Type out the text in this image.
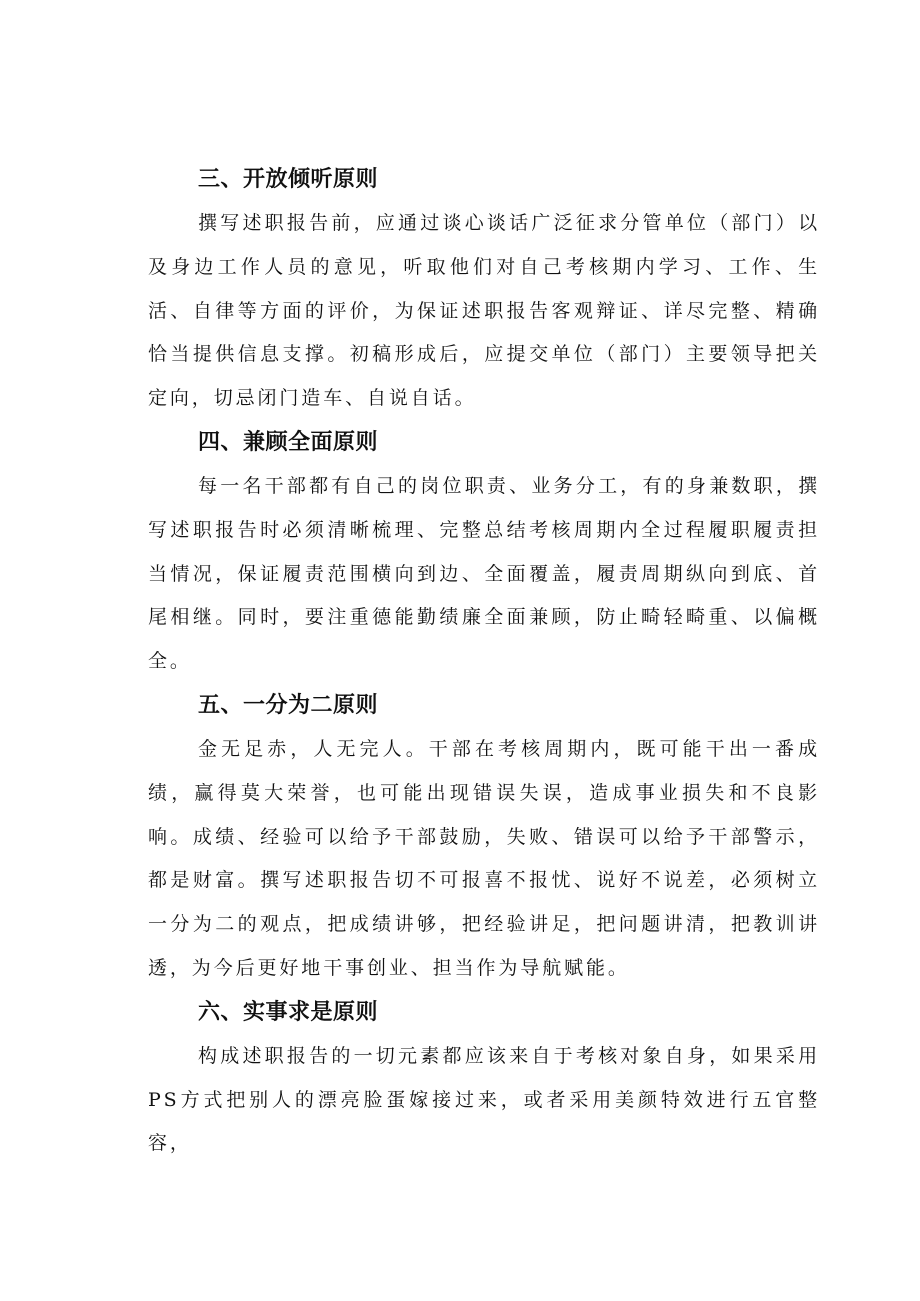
三、开放倾听原则

撰写述职报告前，应通过谈心谈话广泛征求分管单位（部门）以及身边工作人员的意见，听取他们对自己考核期内学习、工作、生活、自律等方面的评价，为保证述职报告客观辩证、详尽完整、精确恰当提供信息支撑。初稿形成后，应提交单位（部门）主要领导把关定向，切忌闭门造车、自说自话。

四、兼顾全面原则

每一名干部都有自己的岗位职责、业务分工，有的身兼数职，撰写述职报告时必须清晰梳理、完整总结考核周期内全过程履职履责担当情况，保证履责范围横向到边、全面覆盖，履责周期纵向到底、首尾相继。同时，要注重德能勤绩廉全面兼顾，防止畸轻畸重、以偏概全。

五、一分为二原则

金无足赤，人无完人。干部在考核周期内，既可能干出一番成绩，赢得莫大荣誉，也可能出现错误失误，造成事业损失和不良影响。成绩、经验可以给予干部鼓励，失败、错误可以给予干部警示，都是财富。撰写述职报告切不可报喜不报忧、说好不说差，必须树立一分为二的观点，把成绩讲够，把经验讲足，把问题讲清，把教训讲透，为今后更好地干事创业、担当作为导航赋能。

六、实事求是原则

构成述职报告的一切元素都应该来自于考核对象自身，如果采用PS方式把别人的漂亮脸蛋嫁接过来，或者采用美颜特效进行五官整容，
